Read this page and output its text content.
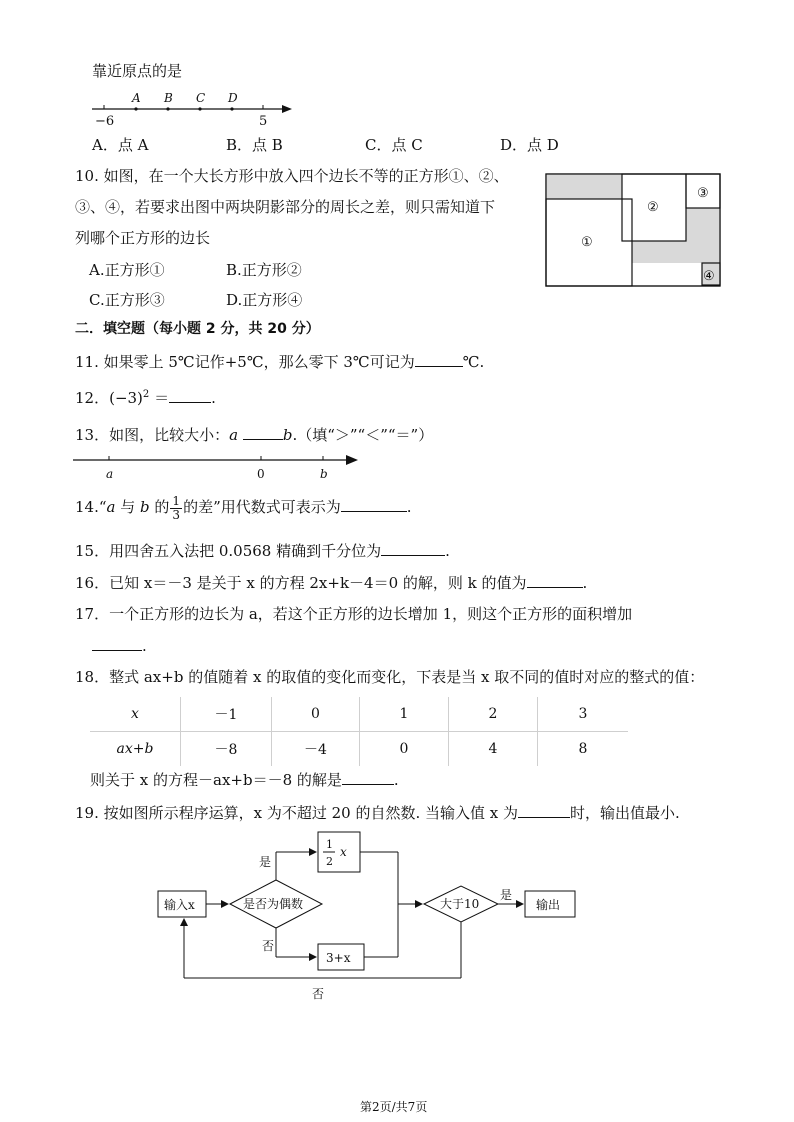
靠近原点的是
A B C D
−6	5
A．点 A	B．点 B	C．点 C	D．点 D
10. 如图，在一个大长方形中放入四个边长不等的正方形①、②、
③、④，若要求出图中两块阴影部分的周长之差，则只需知道下
列哪个正方形的边长
A.正方形①	B.正方形②
C.正方形③	D.正方形④
①
②
③
④
二．填空题（每小题 2 分，共 20 分）
11. 如果零上 5℃记作+5℃，那么零下 3℃可记为	℃.
12．$(-3)^2$ ＝	.
13．如图，比较大小：a	b.（填“＞”“＜”“＝”）
a	0	b
14.“a 与 b 的 $\frac{1}{3}$ 的差”用代数式可表示为	.
15．用四舍五入法把 0.0568 精确到千分位为	.
16．已知 x＝－3 是关于 x 的方程 2x+k－4＝0 的解，则 k 的值为	.
17．一个正方形的边长为 a，若这个正方形的边长增加 1，则这个正方形的面积增加
.
18．整式 ax+b 的值随着 x 的取值的变化而变化，下表是当 x 取不同的值时对应的整式的值：
x	－1	0	1	2	3
ax+b	－8	－4	0	4	8
则关于 x 的方程－ax+b＝－8 的解是	.
19. 按如图所示程序运算，x 为不超过 20 的自然数. 当输入值 x 为	时，输出值最小.
输入x	是否为偶数
是
1
2
x
否
3+x
大于10
是
输出
否
第2页/共7页
